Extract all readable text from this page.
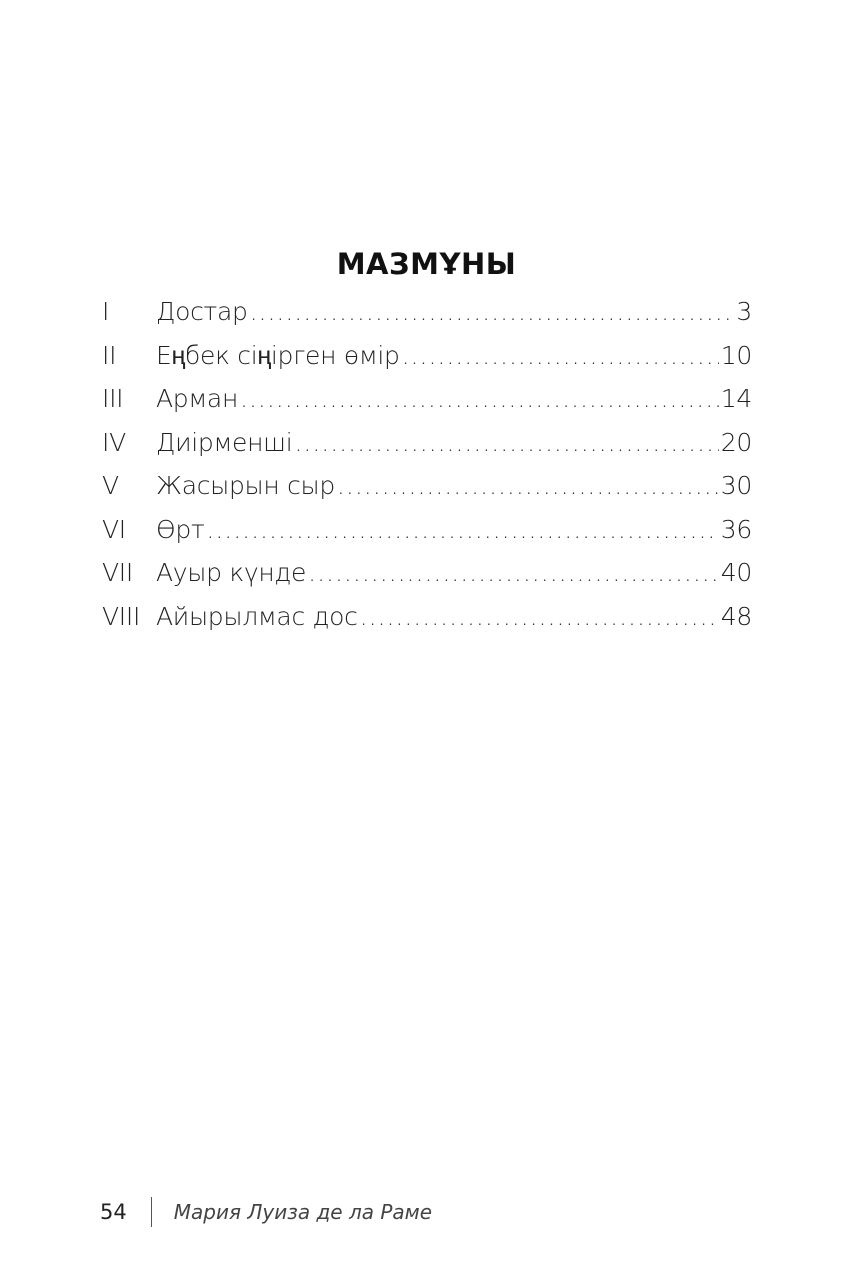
МАЗМҰНЫ
I	Достар .....	3
II	Еңбек сіңірген өмір .....	10
III	Арман .....	14
IV	Диірменші .....	20
V	Жасырын сыр .....	30
VI	Өрт .....	36
VII Ауыр күнде .....	40
VIII Айырылмас дос .....	48
54 Мария Луиза де ла Раме
